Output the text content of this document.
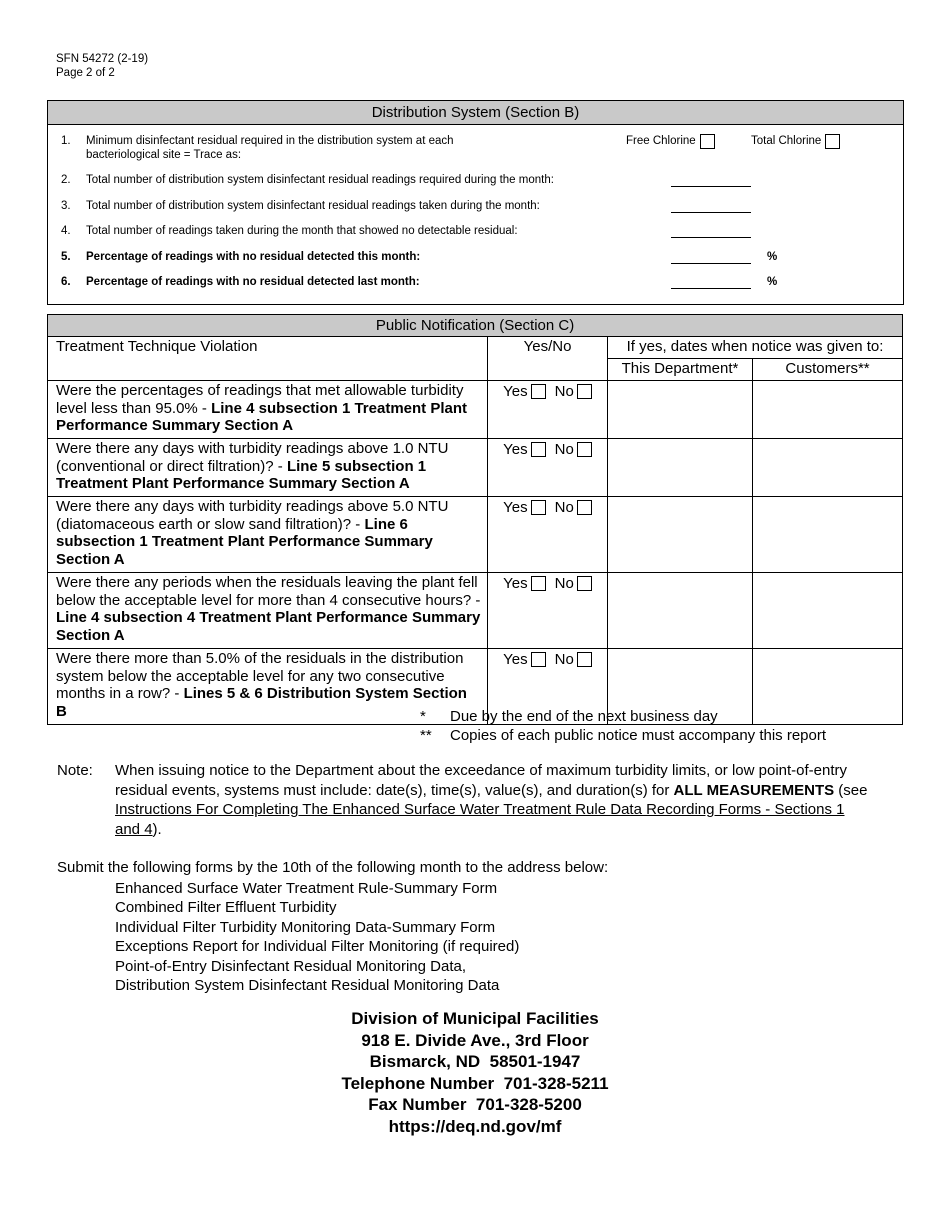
SFN 54272 (2-19)
Page 2 of 2
Distribution System (Section B)
1.	Minimum disinfectant residual required in the distribution system at each bacteriological site = Trace as:
Free Chlorine	Total Chlorine
2.	Total number of distribution system disinfectant residual readings required during the month:
3.	Total number of distribution system disinfectant residual readings taken during the month:
4.	Total number of readings taken during the month that showed no detectable residual:
5.	Percentage of readings with no residual detected this month:	%
6.	Percentage of readings with no residual detected last month:	%
Public Notification (Section C)			
Treatment Technique Violation	Yes/No	If yes, dates when notice was given to:	
		This Department*	Customers**
Were the percentages of readings that met allowable turbidity level less than 95.0% - Line 4 subsection 1 Treatment Plant Performance Summary Section A	Yes No		

Were there any days with turbidity readings above 1.0 NTU (conventional or direct filtration)? - Line 5 subsection 1 Treatment Plant Performance Summary Section A	Yes No		

Were there any days with turbidity readings above 5.0 NTU (diatomaceous earth or slow sand filtration)? - Line 6 subsection 1 Treatment Plant Performance Summary Section A	Yes No		

Were there any periods when the residuals leaving the plant fell below the acceptable level for more than 4 consecutive hours? - Line 4 subsection 4 Treatment Plant Performance Summary Section A	Yes No		

Were there more than 5.0% of the residuals in the distribution system below the acceptable level for any two consecutive months in a row? - Lines 5 & 6 Distribution System Section B	Yes No		

*	Due by the end of the next business day
**	Copies of each public notice must accompany this report
Note:	When issuing notice to the Department about the exceedance of maximum turbidity limits, or low point-of-entry residual events, systems must include: date(s), time(s), value(s), and duration(s) for ALL MEASUREMENTS (see Instructions For Completing The Enhanced Surface Water Treatment Rule Data Recording Forms - Sections 1 and 4).
Submit the following forms by the 10th of the following month to the address below:
Enhanced Surface Water Treatment Rule-Summary Form
Combined Filter Effluent Turbidity
Individual Filter Turbidity Monitoring Data-Summary Form
Exceptions Report for Individual Filter Monitoring (if required)
Point-of-Entry Disinfectant Residual Monitoring Data,
Distribution System Disinfectant Residual Monitoring Data
Division of Municipal Facilities
918 E. Divide Ave., 3rd Floor
Bismarck, ND  58501-1947
Telephone Number  701-328-5211
Fax Number  701-328-5200
https://deq.nd.gov/mf
